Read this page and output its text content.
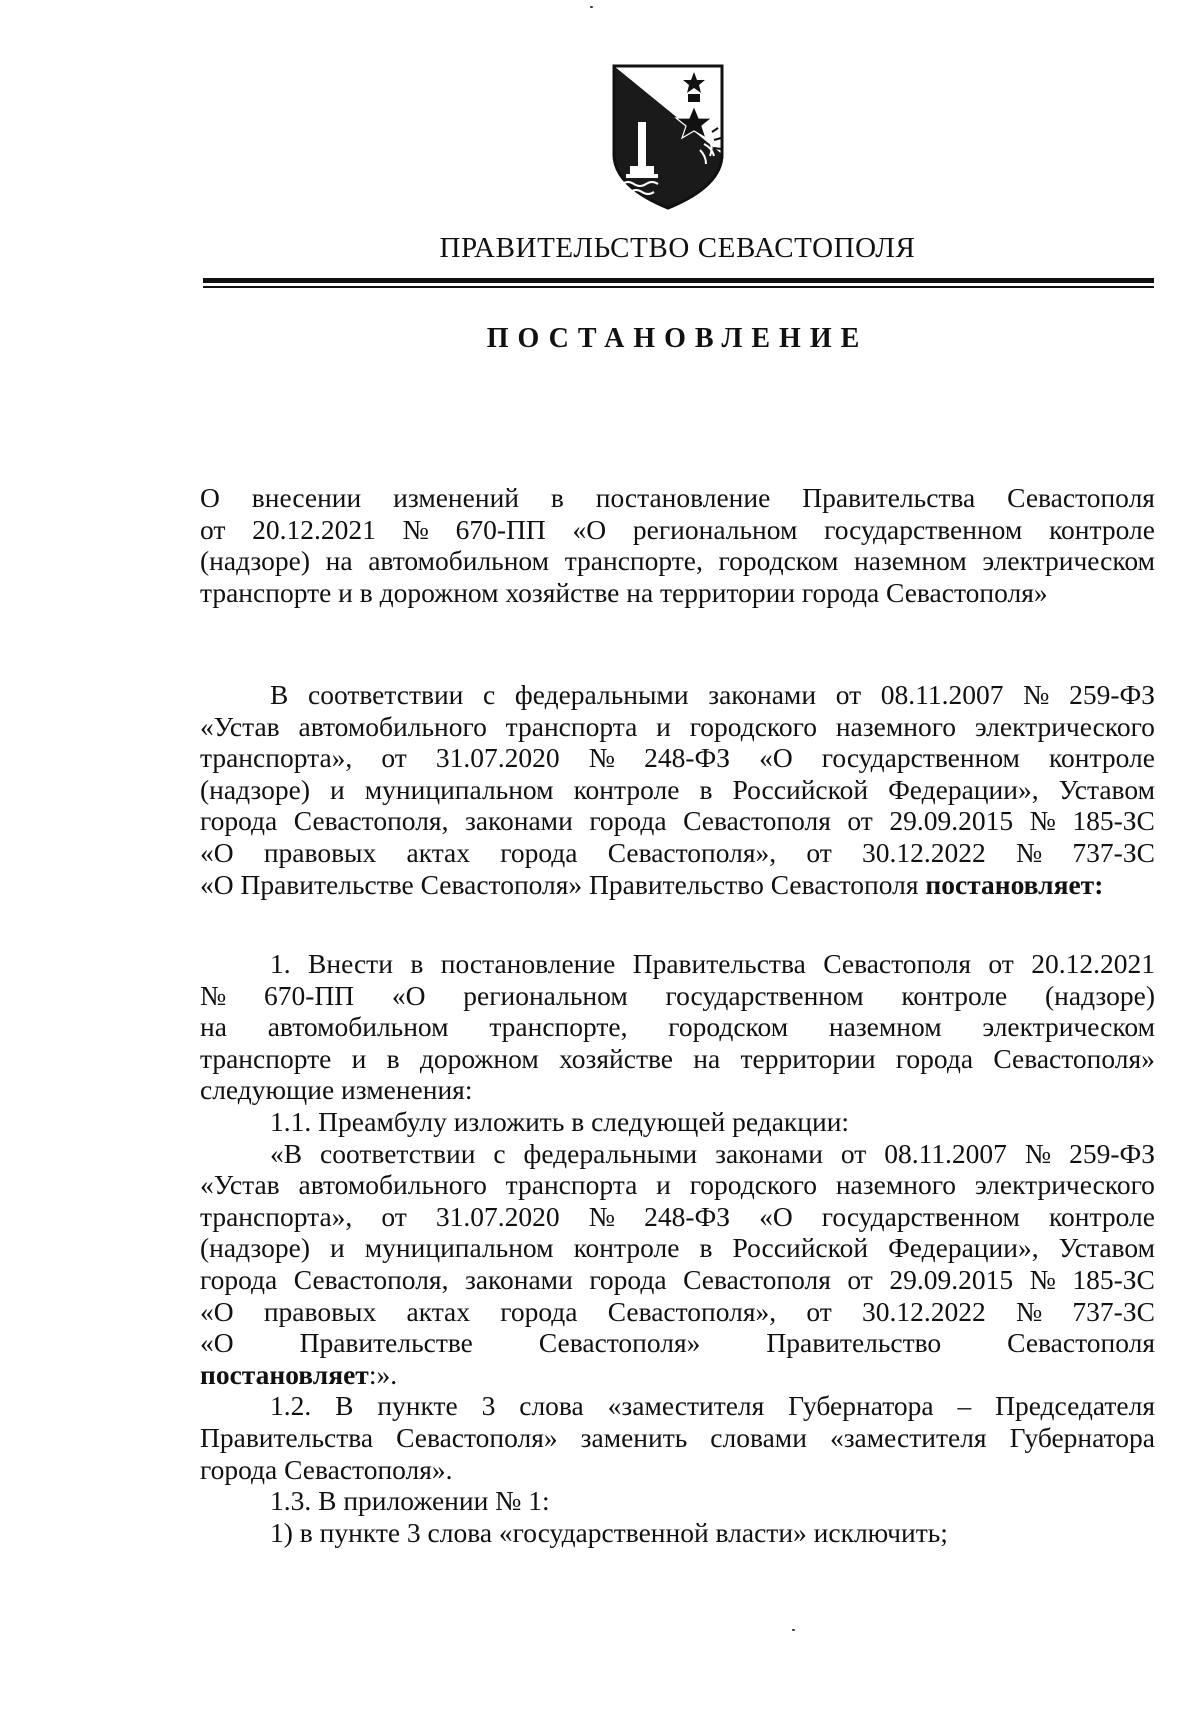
ПРАВИТЕЛЬСТВО СЕВАСТОПОЛЯ
ПОСТАНОВЛЕНИЕ
О внесении изменений в постановление Правительства Севастополя
от 20.12.2021 № 670-ПП «О региональном государственном контроле
(надзоре) на автомобильном транспорте, городском наземном электрическом
транспорте и в дорожном хозяйстве на территории города Севастополя»
В соответствии с федеральными законами от 08.11.2007 № 259-ФЗ
«Устав автомобильного транспорта и городского наземного электрического
транспорта», от 31.07.2020 № 248-ФЗ «О государственном контроле
(надзоре) и муниципальном контроле в Российской Федерации», Уставом
города Севастополя, законами города Севастополя от 29.09.2015 № 185-ЗС
«О правовых актах города Севастополя», от 30.12.2022 № 737-ЗС
«О Правительстве Севастополя» Правительство Севастополя
постановляет:
1. Внести в постановление Правительства Севастополя от 20.12.2021
№ 670-ПП «О региональном государственном контроле (надзоре)
на автомобильном транспорте, городском наземном электрическом
транспорте и в дорожном хозяйстве на территории города Севастополя»
следующие изменения:
1.1. Преамбулу изложить в следующей редакции:
«В соответствии с федеральными законами от 08.11.2007 № 259-ФЗ
«Устав автомобильного транспорта и городского наземного электрического
транспорта», от 31.07.2020 № 248-ФЗ «О государственном контроле
(надзоре) и муниципальном контроле в Российской Федерации», Уставом
города Севастополя, законами города Севастополя от 29.09.2015 № 185-ЗС
«О правовых актах города Севастополя», от 30.12.2022 № 737-ЗС
«О Правительстве Севастополя» Правительство Севастополя
постановляет :».
1.2. В пункте 3 слова «заместителя Губернатора – Председателя
Правительства Севастополя» заменить словами «заместителя Губернатора
города Севастополя».
1.3. В приложении № 1:
1) в пункте 3 слова «государственной власти» исключить;
